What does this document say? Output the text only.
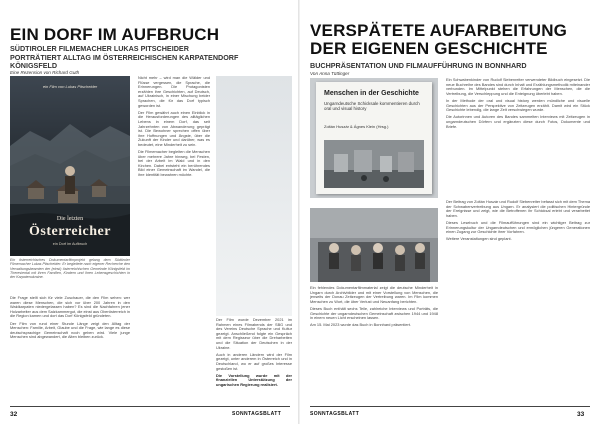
EIN DORF IM AUFBRUCH
SÜDTIROLER FILMEMACHER LUKAS PITSCHEIDER PORTRÄTIERT ALLTAG IM ÖSTERREICHISCHEN KARPATENDORF KÖNIGSFELD
Eine Rezension von Richard Guth
ein Film von Lukas Pitscheider
Die letzten
Österreicher
ein Dorf im Aufbruch
Ein österreichisches Dokumentarfilmprojekt gelang dem Südtiroler Filmemacher Lukas Pitscheider: Er begleitete nach eigener Recherche den Verwaltungsbeamten der (einst) österreichischen Gemeinde Königsfeld im Theresiental mit ihren Familien, Kindern und ihren Lebensgeschichten in der Karpatenukraine.

Die Frage stellt sich für viele Zuschauer, die den Film sehen: wer waren diese Menschen, die sich vor über 200 Jahren in den Waldkarpaten niedergelassen haben? Es sind die Nachfahren jener Holzarbeiter aus dem Salzkammergut, die einst aus Oberösterreich in die Region kamen und dort das Dorf Königsfeld gründeten.

Der Film von rund einer Stunde Länge zeigt den Alltag der Menschen: Familie, Arbeit, Glaube und die Frage, wie lange es diese deutschsprachige Gemeinschaft noch geben wird. Viele junge Menschen sind abgewandert, die Alten bleiben zurück.

Nicht mehr – wird man die Wälder und Flüsse vergessen, die Sprache, die Erinnerungen. Die Protagonisten erzählen ihre Geschichten, auf Deutsch, auf Ukrainisch, in einer Mischung beider Sprachen, die für das Dorf typisch geworden ist.

Der Film gewährt auch einen Einblick in die Herausforderungen des alltäglichen Lebens in einem Dorf, das seit Jahrzehnten von Abwanderung geprägt ist. Die Bewohner sprechen offen über ihre Hoffnungen und Ängste, über die Zukunft der Kinder und darüber, was es bedeutet, eine Minderheit zu sein.

Die Filmemacher begleiten die Menschen über mehrere Jahre hinweg, bei Festen, bei der Arbeit im Wald und in den Kirchen. Dabei entsteht ein berührendes Bild einer Gemeinschaft im Wandel, die ihre Identität bewahren möchte.

Der Film wurde Dezember 2021 im Rahmen eines Filmabends der SBG und des Vereins Deutsche Sprache und Kultur gezeigt. Anschließend folgte ein Gespräch mit dem Regisseur über die Dreharbeiten und die Situation der Deutschen in der Ukraine.

Auch in anderen Ländern wird der Film gezeigt, unter anderem in Österreich und in Deutschland, wo er auf großes Interesse gestoßen ist.

Die Vorstellung wurde mit der finanziellen Unterstützung der ungarischen Regierung realisiert.

32	SONNTAGSBLATT
VERSPÄTETE AUFARBEITUNG
DER EIGENEN GESCHICHTE
BUCHPRÄSENTATION UND FILMAUFFÜHRUNG IN BONNHARD
Von Anna Tüttinger
Menschen in der Geschichte
Ungarndeutsche Schicksale kommentieren durch oral und visual history
Zoltán Huszár & Ágnes Klein (Hrsg.)

Ein fehlendes Dokumentarfilmmaterial zeigt die deutsche Minderheit in Ungarn durch Archivbilder und mit einer Vorstellung von Menschen, die jenseits der Donau Zeitzeugen der Vertreibung waren. Im Film kommen Menschen zu Wort, die über Verlust und Neuanfang berichten.

Dieses Buch enthält sechs Teile, zahlreiche Interviews und Porträts, die Geschichte der ungarndeutschen Gemeinschaft zwischen 1944 und 1948 in einem neuen Licht erscheinen lassen.

Am 15. Mai 2023 wurde das Buch in Bonnhard präsentiert.

Ein Schwabenkinder von Rudolf Siebenreiter verwendeter Bildbuch eingesetzt. Die neue Buchreihe des Bandes sind durch Inhalt und Erzählungsmethodik miteinander verbunden. Im Mittelpunkt stehen die Erfahrungen der Menschen, die die Vertreibung, die Verschleppung und die Enteignung überlebt haben.

In der Methode der oral und visual history werden mündliche und visuelle Geschichten aus der Perspektive von Zeitzeugen erzählt. Damit wird ein Stück Geschichte lebendig, die lange Zeit verschwiegen wurde.

Die Autorinnen und Autoren des Bandes sammelten Interviews mit Zeitzeugen in ungarndeutschen Dörfern und ergänzten diese durch Fotos, Dokumente und Briefe.

Der Beitrag von Zoltán Huszár und Rudolf Siebenreiter befasst sich mit dem Thema der Schwabenvertreibung aus Ungarn. Er analysiert die politischen Hintergründe der Ereignisse und zeigt, wie die Betroffenen ihr Schicksal erlebt und verarbeitet haben.

Dieses Lesebuch und die Filmaufführungen sind ein wichtiger Beitrag zur Erinnerungskultur der Ungarndeutschen und ermöglichen jüngeren Generationen einen Zugang zur Geschichte ihrer Vorfahren.

Weitere Veranstaltungen sind geplant.

SONNTAGSBLATT	33
